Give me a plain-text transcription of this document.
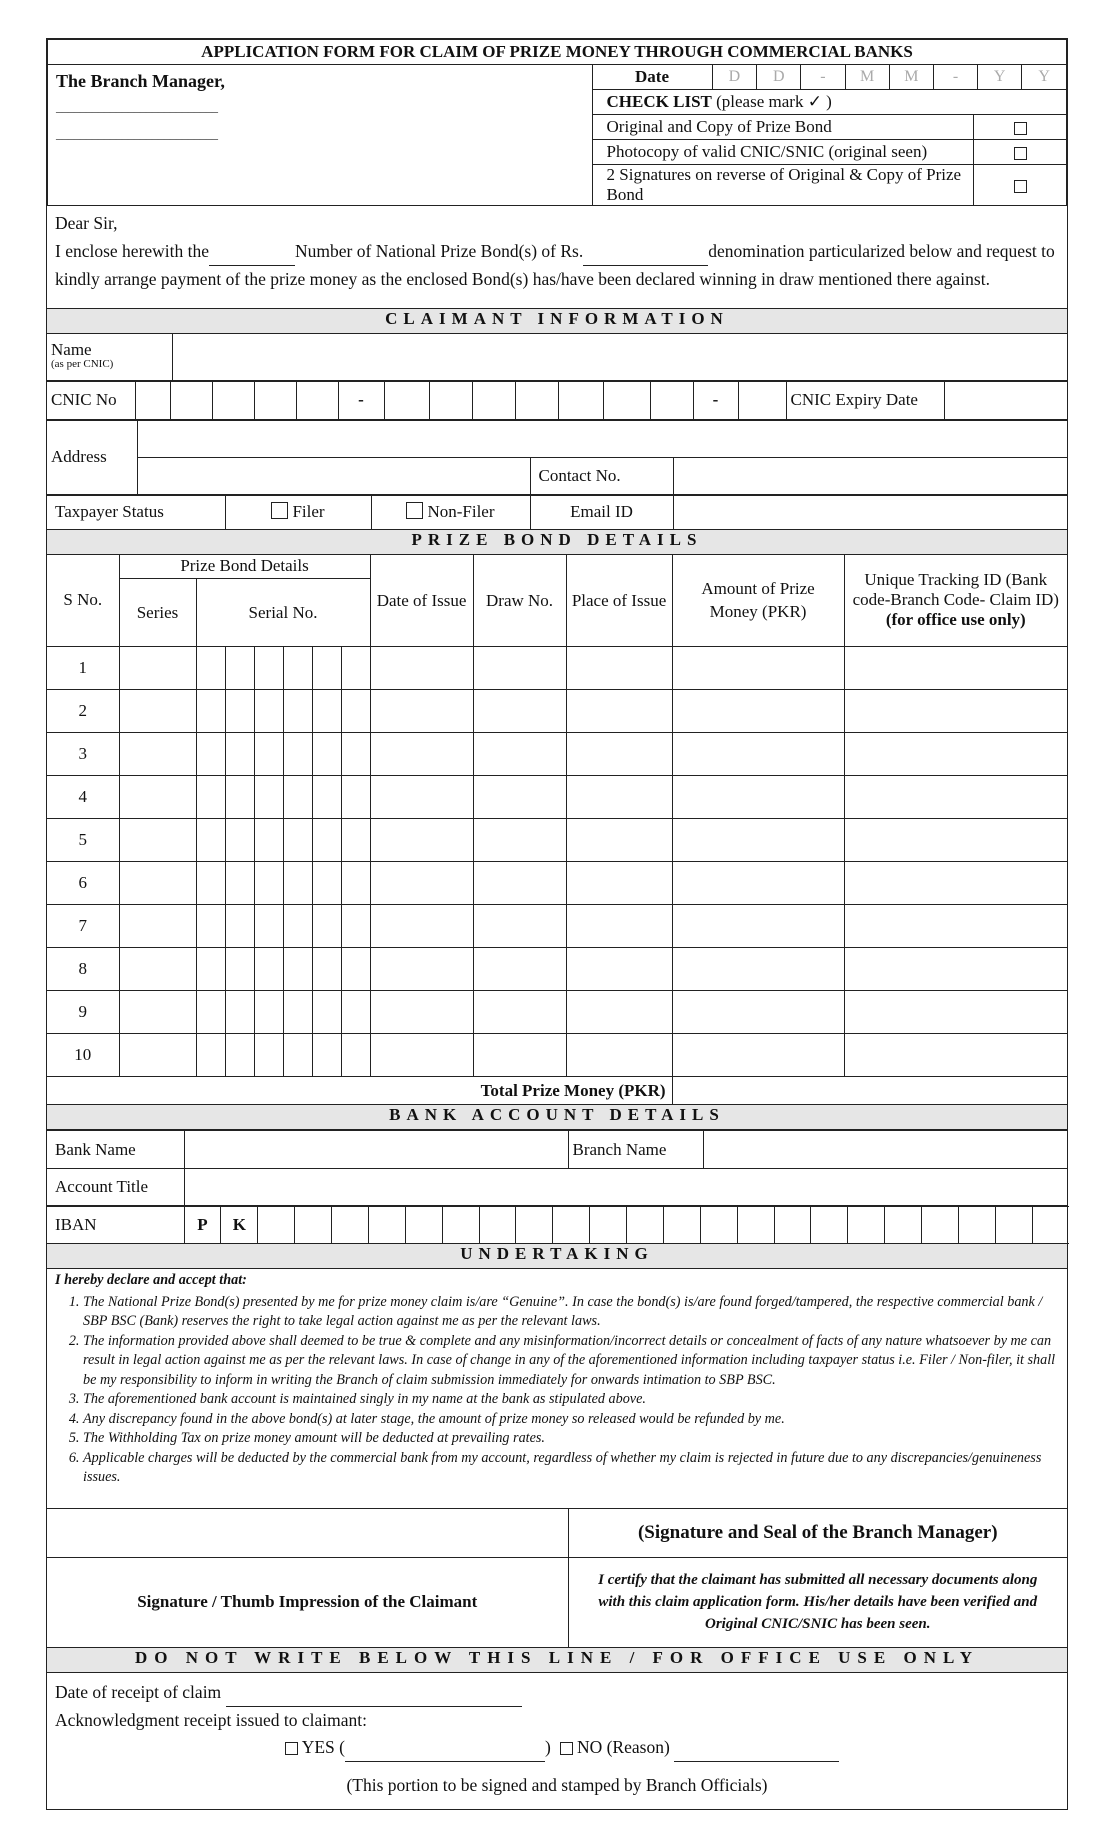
APPLICATION FORM FOR CLAIM OF PRIZE MONEY THROUGH COMMERCIAL BANKS

The Branch Manager,
___________________________
___________________________
	Date		D	D	-	M	M	-	Y	Y

CHECK LIST (please mark ✓ )
Original and Copy of Prize Bond	
Photocopy of valid CNIC/SNIC (original seen)	
2 Signatures on reverse of Original & Copy of Prize Bond	
Dear Sir,
I enclose herewith the	Number of National Prize Bond(s) of Rs.	denomination particularized below and request to kindly arrange payment of the prize money as the enclosed Bond(s) has/have been declared winning in draw mentioned there against.
CLAIMANT INFORMATION
Name
(as per CNIC)

CNIC No						-								-		CNIC Expiry Date	
Address			
		Contact No.	
Taxpayer Status	Filer	Non-Filer	Email ID	
PRIZE BOND DETAILS
S No.	Prize Bond Details							Date of Issue	Draw No.	Place of Issue	Amount of Prize Money (PKR)	Unique Tracking ID (Bank code-Branch Code- Claim ID)
(for office use only)

	Series	Serial No.										
1												
2												
3												
4												
5												
6												
7												
8												
9												
10												
Total Prize Money (PKR)												
BANK ACCOUNT DETAILS
Bank Name		Branch Name	
Account Title			
IBAN	P	K																						
UNDERTAKING
I hereby declare and accept that:
1. The National Prize Bond(s) presented by me for prize money claim is/are “Genuine”. In case the bond(s) is/are found forged/tampered, the respective commercial bank / SBP BSC (Bank) reserves the right to take legal action against me as per the relevant laws.
2. The information provided above shall deemed to be true & complete and any misinformation/incorrect details or concealment of facts of any nature whatsoever by me can result in legal action against me as per the relevant laws. In case of change in any of the aforementioned information including taxpayer status i.e. Filer / Non-filer, it shall be my responsibility to inform in writing the Branch of claim submission immediately for onwards intimation to SBP BSC.
3. The aforementioned bank account is maintained singly in my name at the bank as stipulated above.
4. Any discrepancy found in the above bond(s) at later stage, the amount of prize money so released would be refunded by me.
5. The Withholding Tax on prize money amount will be deducted at prevailing rates.
6. Applicable charges will be deducted by the commercial bank from my account, regardless of whether my claim is rejected in future due to any discrepancies/genuineness issues.
	(Signature and Seal of the Branch Manager)
Signature / Thumb Impression of the Claimant	I certify that the claimant has submitted all necessary documents along with this claim application form. His/her details have been verified and Original CNIC/SNIC has been seen.
DO NOT WRITE BELOW THIS LINE / FOR OFFICE USE ONLY
Date of receipt of claim
Acknowledgment receipt issued to claimant:
YES (	) NO (Reason)
(This portion to be signed and stamped by Branch Officials)
